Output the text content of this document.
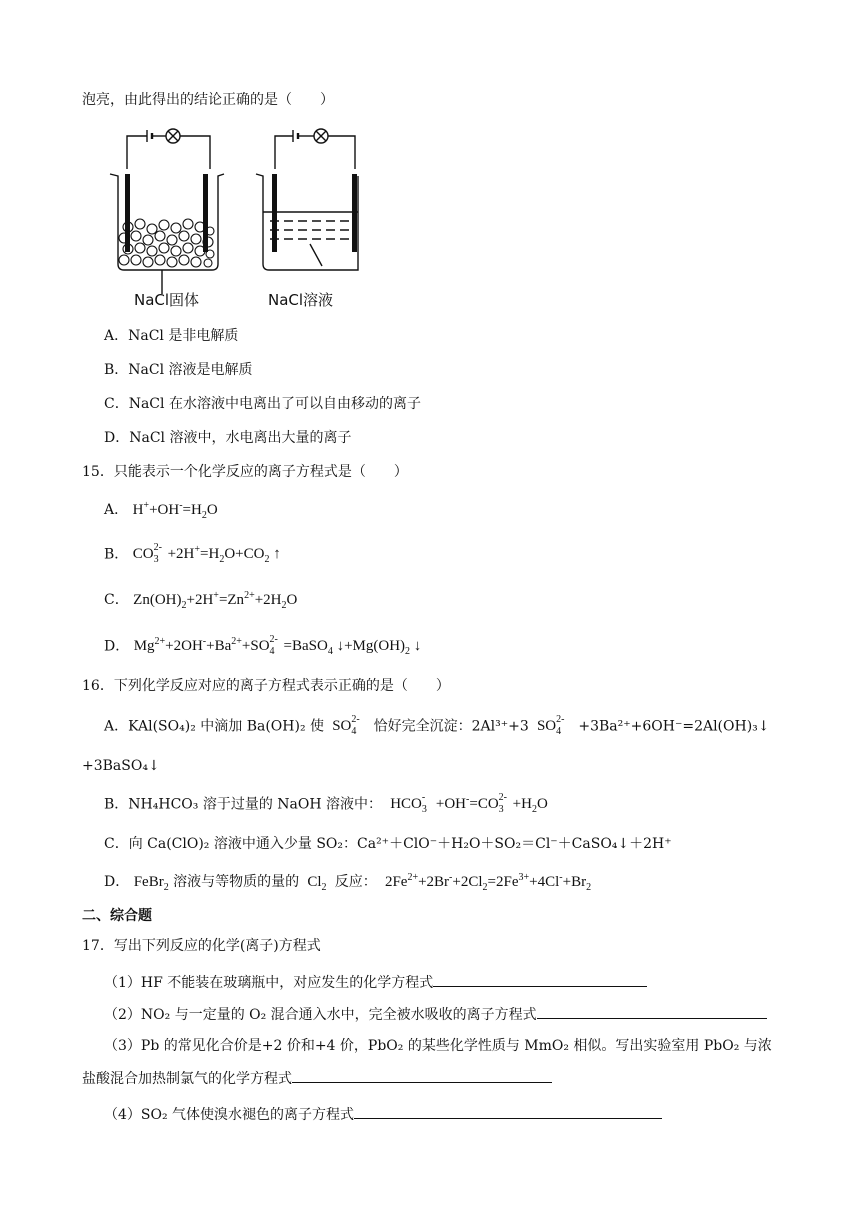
泡亮，由此得出的结论正确的是（　　）
NaCl固体	NaCl溶液
A．NaCl 是非电解质
B．NaCl 溶液是电解质
C．NaCl 在水溶液中电离出了可以自由移动的离子
D．NaCl 溶液中，水电离出大量的离子
15．只能表示一个化学反应的离子方程式是（　　）
A． $H^++OH^-=H_2O$
B． CO 2-
$3 +2H^+=H_2O+CO_2$ ↑
C． $Zn(OH)_2+2H^+=Zn^{2+}+2H_2O$
D． $Mg^{2+}+2OH^-+Ba^{2+}+SO$ 2-
4 =BaSO$_4$ $↓+Mg(OH)_2$ ↓
16．下列化学反应对应的离子方程式表示正确的是（　　）
A．KAl(SO₄)₂ 中滴加 Ba(OH)₂ 使  SO 2-
4 恰好完全沉淀：2Al³⁺+3  SO 2-
4 +3Ba²⁺+6OH⁻=2Al(OH)₃↓
+3BaSO₄↓
B．NH₄HCO₃ 溶于过量的 NaOH 溶液中：  HCO -
3 +OH-=CO 2-
$3 +H_2O$
C．向 Ca(ClO)₂ 溶液中通入少量 SO₂：Ca²⁺＋ClO⁻＋H₂O＋SO₂＝Cl⁻＋CaSO₄↓＋2H⁺
D． FeBr$_2$ 溶液与等物质的量的  $Cl_2$ 反应：  $2Fe^{2+}+2Br^-+2Cl_2=2Fe^{3+}+4Cl^-+Br_2$
二、综合题
17．写出下列反应的化学(离子)方程式
（1）HF 不能装在玻璃瓶中，对应发生的化学方程式
（2）NO₂ 与一定量的 O₂ 混合通入水中，完全被水吸收的离子方程式
（3）Pb 的常见化合价是+2 价和+4 价，PbO₂ 的某些化学性质与 MmO₂ 相似。写出实验室用 PbO₂ 与浓
盐酸混合加热制氯气的化学方程式
（4）SO₂ 气体使溴水褪色的离子方程式
